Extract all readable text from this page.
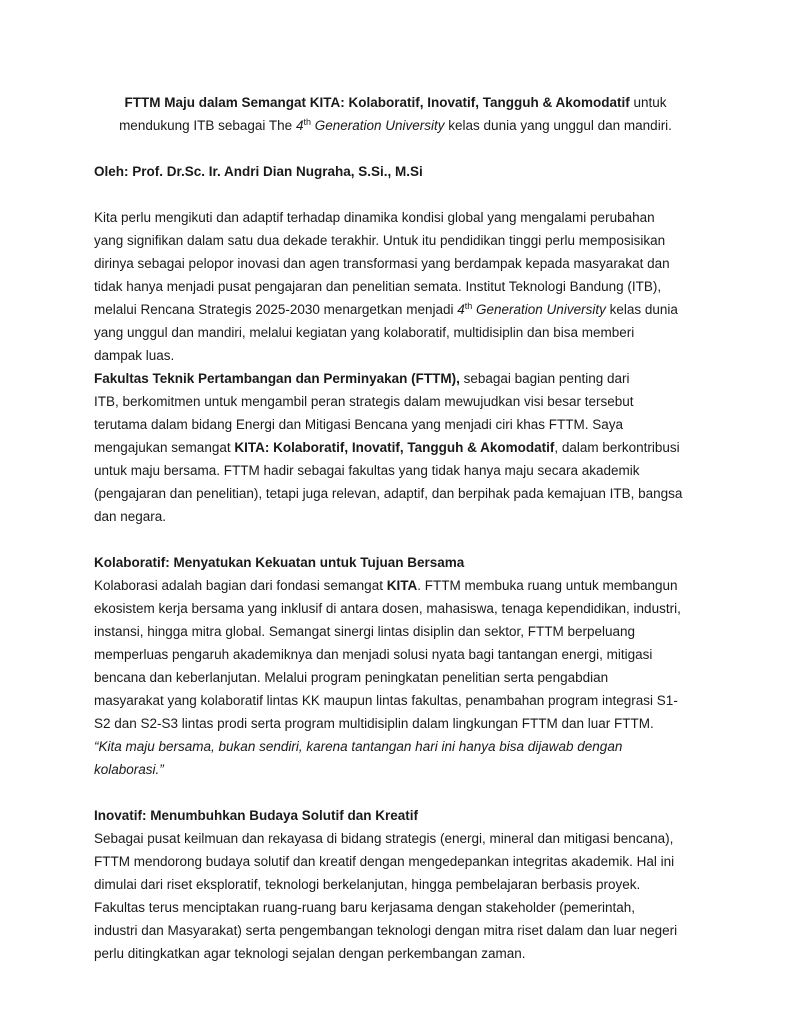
FTTM Maju dalam Semangat KITA: Kolaboratif, Inovatif, Tangguh & Akomodatif untuk
mendukung ITB sebagai The 4th Generation University kelas dunia yang unggul dan mandiri.

Oleh: Prof. Dr.Sc. Ir. Andri Dian Nugraha, S.Si., M.Si

Kita perlu mengikuti dan adaptif terhadap dinamika kondisi global yang mengalami perubahan
yang signifikan dalam satu dua dekade terakhir. Untuk itu pendidikan tinggi perlu memposisikan
dirinya sebagai pelopor inovasi dan agen transformasi yang berdampak kepada masyarakat dan
tidak hanya menjadi pusat pengajaran dan penelitian semata. Institut Teknologi Bandung (ITB),
melalui Rencana Strategis 2025-2030 menargetkan menjadi 4th Generation University kelas dunia
yang unggul dan mandiri, melalui kegiatan yang kolaboratif, multidisiplin dan bisa memberi
dampak luas.

Fakultas Teknik Pertambangan dan Perminyakan (FTTM), sebagai bagian penting dari
ITB, berkomitmen untuk mengambil peran strategis dalam mewujudkan visi besar tersebut
terutama dalam bidang Energi dan Mitigasi Bencana yang menjadi ciri khas FTTM. Saya
mengajukan semangat KITA: Kolaboratif, Inovatif, Tangguh & Akomodatif, dalam berkontribusi
untuk maju bersama. FTTM hadir sebagai fakultas yang tidak hanya maju secara akademik
(pengajaran dan penelitian), tetapi juga relevan, adaptif, dan berpihak pada kemajuan ITB, bangsa
dan negara.

Kolaboratif: Menyatukan Kekuatan untuk Tujuan Bersama

Kolaborasi adalah bagian dari fondasi semangat KITA. FTTM membuka ruang untuk membangun
ekosistem kerja bersama yang inklusif di antara dosen, mahasiswa, tenaga kependidikan, industri,
instansi, hingga mitra global. Semangat sinergi lintas disiplin dan sektor, FTTM berpeluang
memperluas pengaruh akademiknya dan menjadi solusi nyata bagi tantangan energi, mitigasi
bencana dan keberlanjutan. Melalui program peningkatan penelitian serta pengabdian
masyarakat yang kolaboratif lintas KK maupun lintas fakultas, penambahan program integrasi S1-
S2 dan S2-S3 lintas prodi serta program multidisiplin dalam lingkungan FTTM dan luar FTTM.

“Kita maju bersama, bukan sendiri, karena tantangan hari ini hanya bisa dijawab dengan
kolaborasi.”

Inovatif: Menumbuhkan Budaya Solutif dan Kreatif

Sebagai pusat keilmuan dan rekayasa di bidang strategis (energi, mineral dan mitigasi bencana),
FTTM mendorong budaya solutif dan kreatif dengan mengedepankan integritas akademik. Hal ini
dimulai dari riset eksploratif, teknologi berkelanjutan, hingga pembelajaran berbasis proyek.
Fakultas terus menciptakan ruang-ruang baru kerjasama dengan stakeholder (pemerintah,
industri dan Masyarakat) serta pengembangan teknologi dengan mitra riset dalam dan luar negeri
perlu ditingkatkan agar teknologi sejalan dengan perkembangan zaman.
